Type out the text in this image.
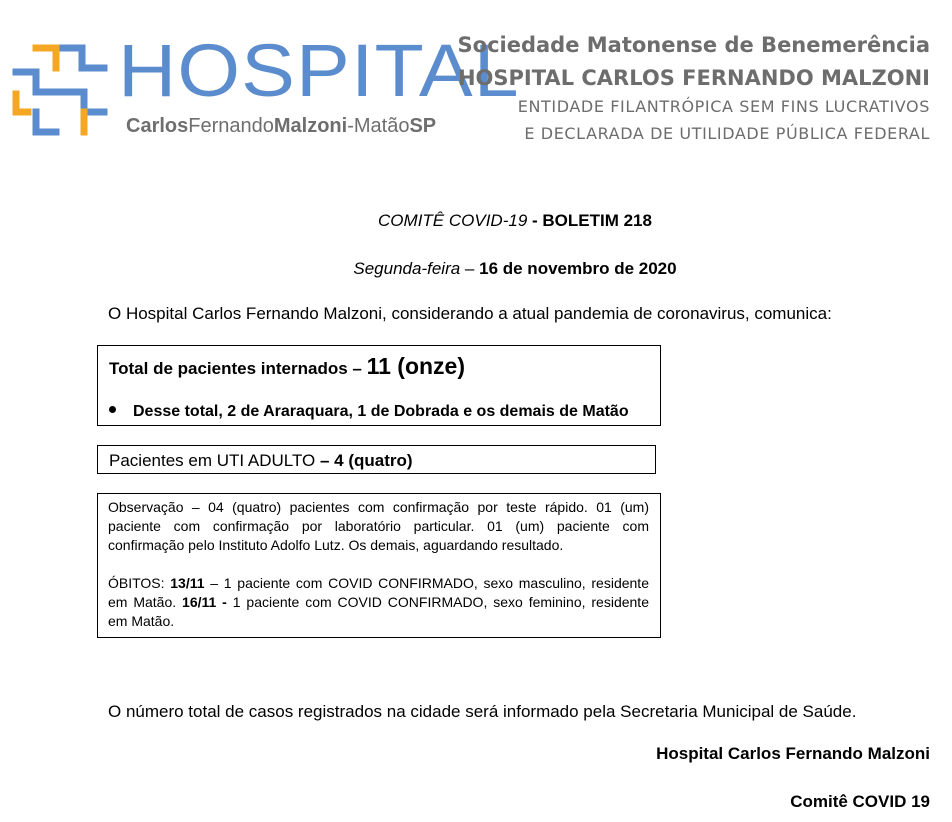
HOSPITAL
CarlosFernandoMalzoni-MatãoSP
Sociedade Matonense de Benemerência
HOSPITAL CARLOS FERNANDO MALZONI
ENTIDADE FILANTRÓPICA SEM FINS LUCRATIVOS
E DECLARADA DE UTILIDADE PÚBLICA FEDERAL
COMITÊ COVID-19 - BOLETIM 218
Segunda-feira – 16 de novembro de 2020
O Hospital Carlos Fernando Malzoni, considerando a atual pandemia de coronavirus, comunica:
Total de pacientes internados – 11 (onze)
Desse total, 2 de Araraquara, 1 de Dobrada e os demais de Matão
Pacientes em UTI ADULTO – 4 (quatro)
Observação – 04 (quatro) pacientes com confirmação por teste rápido. 01 (um) paciente com confirmação por laboratório particular. 01 (um) paciente com confirmação pelo Instituto Adolfo Lutz. Os demais, aguardando resultado.
ÓBITOS: 13/11 – 1 paciente com COVID CONFIRMADO, sexo masculino, residente em Matão. 16/11 - 1 paciente com COVID CONFIRMADO, sexo feminino, residente em Matão.
O número total de casos registrados na cidade será informado pela Secretaria Municipal de Saúde.
Hospital Carlos Fernando Malzoni
Comitê COVID 19
